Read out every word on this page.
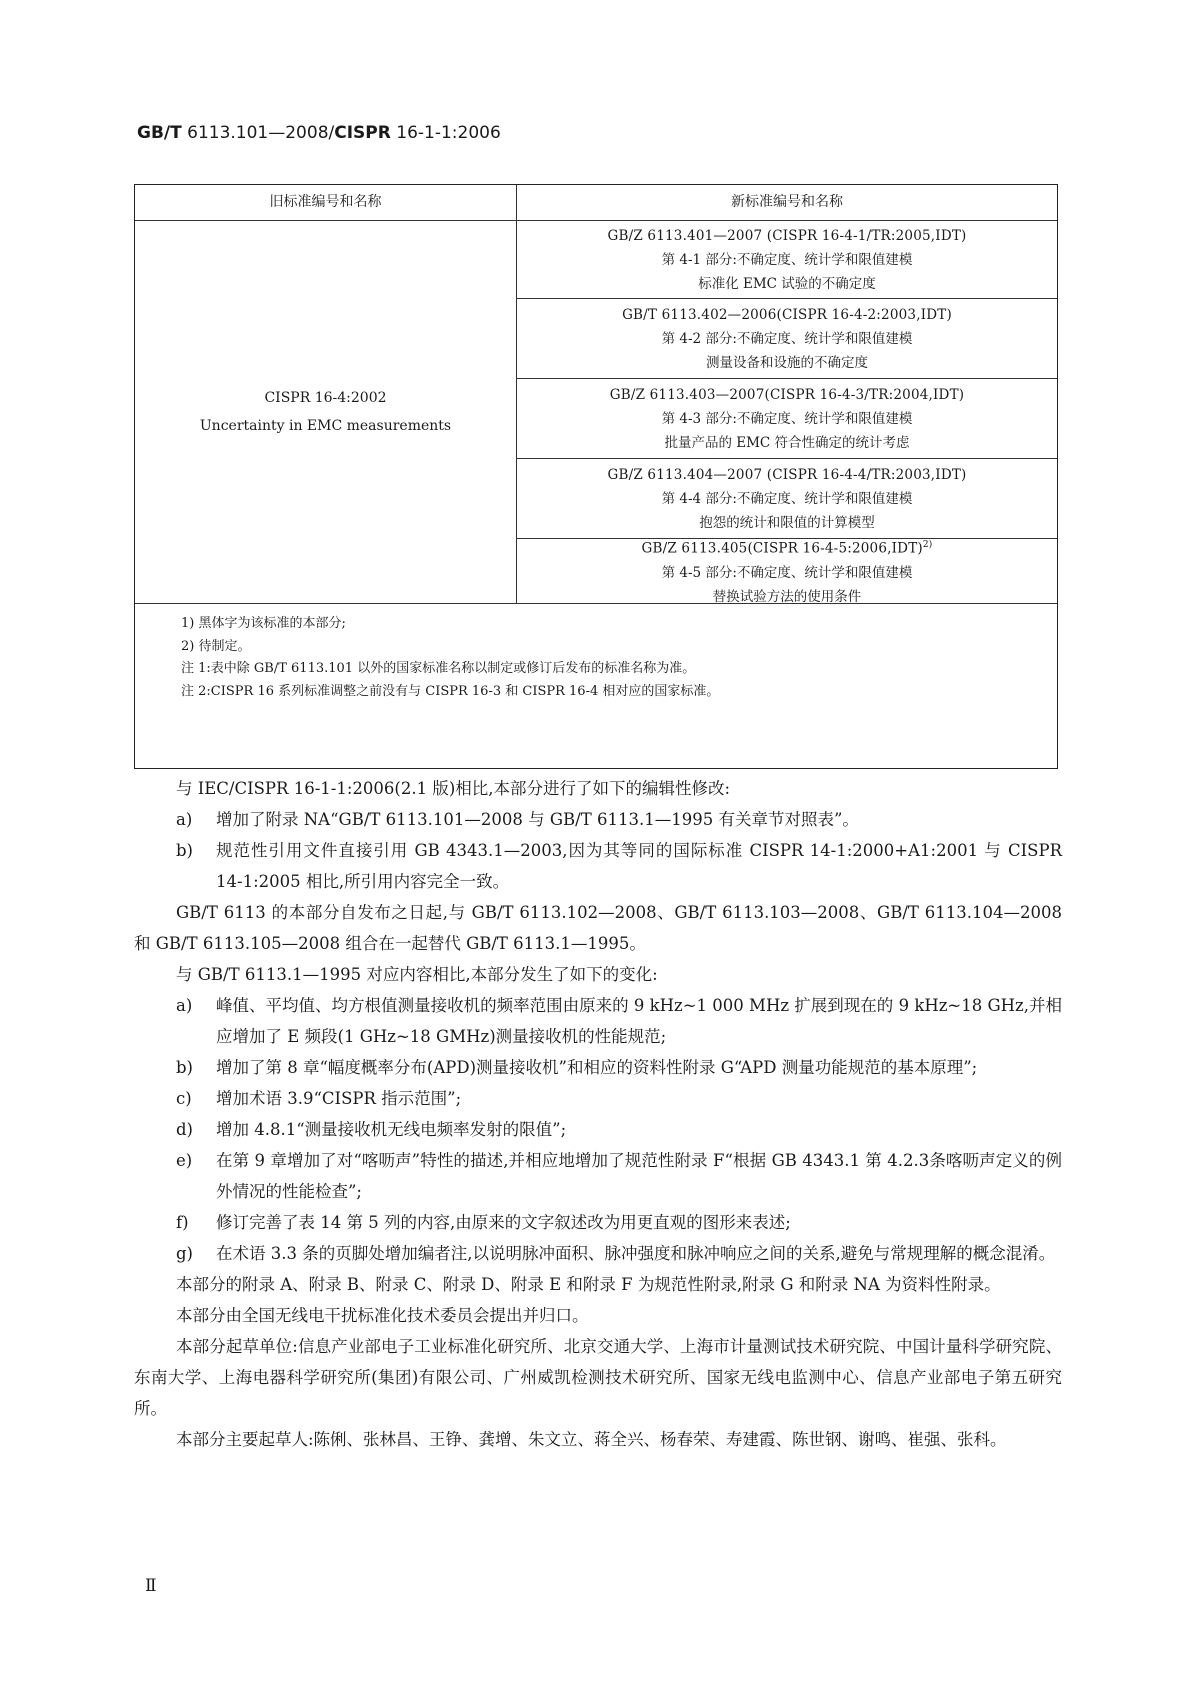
GB/T 6113.101—2008/CISPR 16-1-1:2006
旧标准编号和名称	新标准编号和名称
CISPR 16-4:2002
Uncertainty in EMC measurements
GB/Z 6113.401—2007 (CISPR 16-4-1/TR:2005,IDT)
第 4-1 部分:不确定度、统计学和限值建模
标准化 EMC 试验的不确定度
GB/T 6113.402—2006(CISPR 16-4-2:2003,IDT)
第 4-2 部分:不确定度、统计学和限值建模
测量设备和设施的不确定度
GB/Z 6113.403—2007(CISPR 16-4-3/TR:2004,IDT)
第 4-3 部分:不确定度、统计学和限值建模
批量产品的 EMC 符合性确定的统计考虑
GB/Z 6113.404—2007 (CISPR 16-4-4/TR:2003,IDT)
第 4-4 部分:不确定度、统计学和限值建模
抱怨的统计和限值的计算模型
GB/Z 6113.405(CISPR 16-4-5:2006,IDT)$^{2)}$
第 4-5 部分:不确定度、统计学和限值建模
替换试验方法的使用条件
1) 黑体字为该标准的本部分;
2) 待制定。
注 1:表中除 GB/T 6113.101 以外的国家标准名称以制定或修订后发布的标准名称为准。
注 2:CISPR 16 系列标准调整之前没有与 CISPR 16-3 和 CISPR 16-4 相对应的国家标准。

与 IEC/CISPR 16-1-1:2006(2.1 版)相比,本部分进行了如下的编辑性修改:

a) 增加了附录 NA“GB/T 6113.101—2008 与 GB/T 6113.1—1995 有关章节对照表”。

b) 规范性引用文件直接引用 GB 4343.1—2003,因为其等同的国际标准 CISPR 14-1:2000+A1:2001 与 CISPR 14-1:2005 相比,所引用内容完全一致。

GB/T 6113 的本部分自发布之日起,与 GB/T 6113.102—2008、GB/T 6113.103—2008、GB/T 6113.104—2008 和 GB/T 6113.105—2008 组合在一起替代 GB/T 6113.1—1995。

与 GB/T 6113.1—1995 对应内容相比,本部分发生了如下的变化:

a) 峰值、平均值、均方根值测量接收机的频率范围由原来的 9 kHz~1 000 MHz 扩展到现在的 9 kHz~18 GHz,并相应增加了 E 频段(1 GHz~18 GMHz)测量接收机的性能规范;

b) 增加了第 8 章“幅度概率分布(APD)测量接收机”和相应的资料性附录 G“APD 测量功能规范的基本原理”;

c) 增加术语 3.9“CISPR 指示范围”;

d) 增加 4.8.1“测量接收机无线电频率发射的限值”;

e) 在第 9 章增加了对“喀呖声”特性的描述,并相应地增加了规范性附录 F“根据 GB 4343.1 第 4.2.3条喀呖声定义的例外情况的性能检查”;

f) 修订完善了表 14 第 5 列的内容,由原来的文字叙述改为用更直观的图形来表述;

g) 在术语 3.3 条的页脚处增加编者注,以说明脉冲面积、脉冲强度和脉冲响应之间的关系,避免与常规理解的概念混淆。

本部分的附录 A、附录 B、附录 C、附录 D、附录 E 和附录 F 为规范性附录,附录 G 和附录 NA 为资料性附录。

本部分由全国无线电干扰标准化技术委员会提出并归口。

本部分起草单位:信息产业部电子工业标准化研究所、北京交通大学、上海市计量测试技术研究院、中国计量科学研究院、东南大学、上海电器科学研究所(集团)有限公司、广州威凯检测技术研究所、国家无线电监测中心、信息产业部电子第五研究所。

本部分主要起草人:陈俐、张林昌、王铮、龚增、朱文立、蒋全兴、杨春荣、寿建霞、陈世钢、谢鸣、崔强、张科。

Ⅱ
